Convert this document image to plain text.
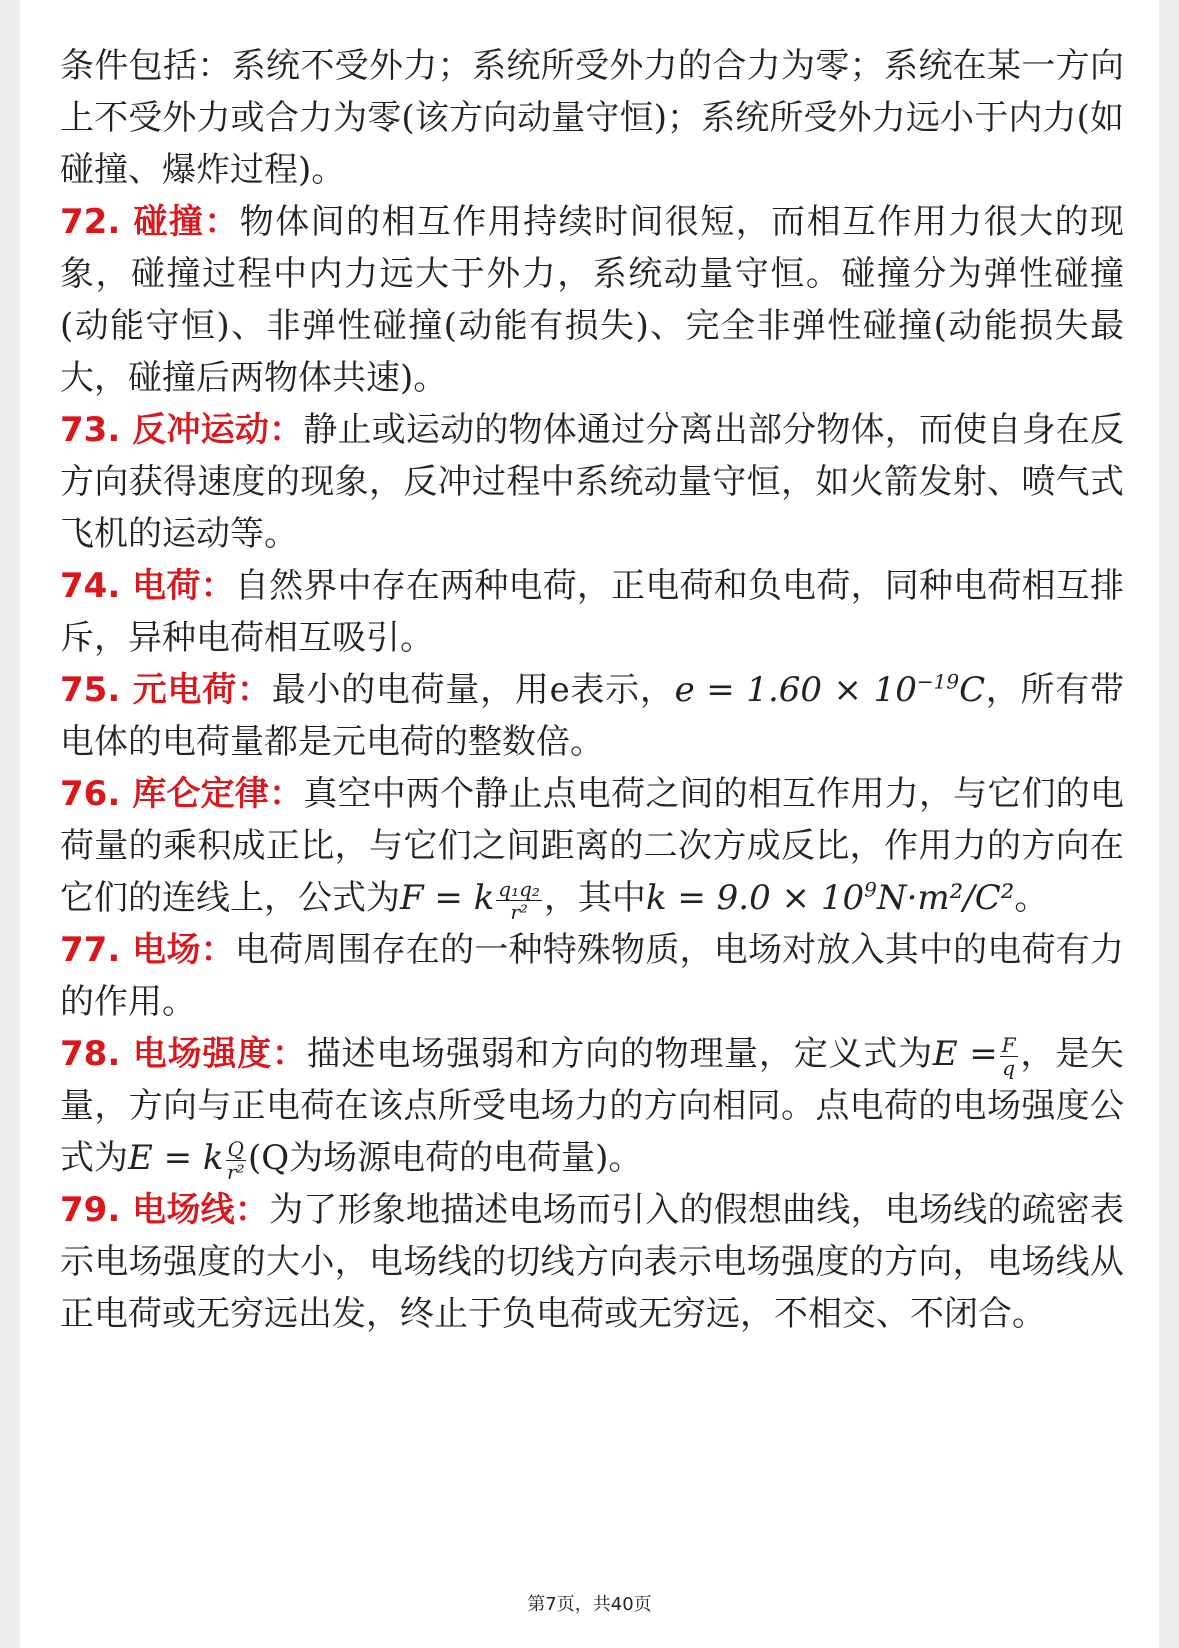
条件包括：系统不受外力；系统所受外力的合力为零；系统在某一方向上不受外力或合力为零(该方向动量守恒)；系统所受外力远小于内力(如碰撞、爆炸过程)。

72. 碰撞：物体间的相互作用持续时间很短，而相互作用力很大的现象，碰撞过程中内力远大于外力，系统动量守恒。碰撞分为弹性碰撞(动能守恒)、非弹性碰撞(动能有损失)、完全非弹性碰撞(动能损失最大，碰撞后两物体共速)。

73. 反冲运动：静止或运动的物体通过分离出部分物体，而使自身在反方向获得速度的现象，反冲过程中系统动量守恒，如火箭发射、喷气式飞机的运动等。

74. 电荷：自然界中存在两种电荷，正电荷和负电荷，同种电荷相互排斥，异种电荷相互吸引。

75. 元电荷：最小的电荷量，用e表示，$e = 1.60 \times 10^{-19}C$，所有带电体的电荷量都是元电荷的整数倍。

76. 库仑定律：真空中两个静止点电荷之间的相互作用力，与它们的电荷量的乘积成正比，与它们之间距离的二次方成反比，作用力的方向在它们的连线上，公式为F = k $\frac{\text{q₁q₂}}{\text{r²}}$ ，其中$k = 9.0 \times 10^9N\cdot m^2/C^2$。

77. 电场：电荷周围存在的一种特殊物质，电场对放入其中的电荷有力的作用。

78. 电场强度：描述电场强弱和方向的物理量，定义式为$E = \frac{F}{q}$ ，是矢量，方向与正电荷在该点所受电场力的方向相同。点电荷的电场强度公式为E = k $\frac{Q}{\text{r²}} (Q$为场源电荷的电荷量)。

79. 电场线：为了形象地描述电场而引入的假想曲线，电场线的疏密表示电场强度的大小，电场线的切线方向表示电场强度的方向，电场线从正电荷或无穷远出发，终止于负电荷或无穷远，不相交、不闭合。

第7页，共40页
